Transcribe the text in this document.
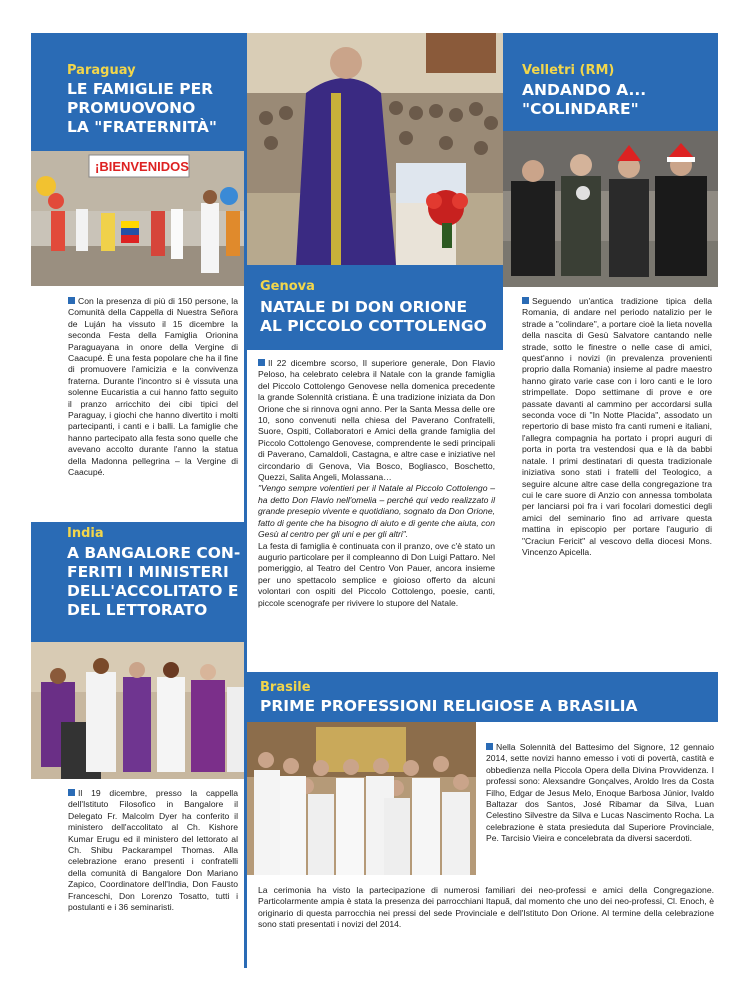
Paraguay
LE FAMIGLIE PER
PROMUOVONO
LA "FRATERNITÀ"
¡BIENVENIDOS

Con la presenza di più di 150 persone, la Comunità della Cappella di Nuestra Señora de Luján ha vissuto il 15 dicembre la seconda Festa della Famiglia Orionina Paraguayana in onore della Vergine di Caacupé. È una festa popolare che ha il fine di promuovere l'amicizia e la convivenza fraterna. Durante l'incontro si è vissuta una solenne Eucaristia a cui hanno fatto seguito il pranzo arricchito dei cibi tipici del Paraguay, i giochi che hanno divertito i molti partecipanti, i canti e i balli. La famiglie che hanno partecipato alla festa sono quelle che avevano accolto durante l'anno la statua della Madonna pellegrina – la Vergine di Caacupé.

India
A BANGALORE CON-
FERITI I MINISTERI
DELL'ACCOLITATO E
DEL LETTORATO

Il 19 dicembre, presso la cappella dell'Istituto Filosofico in Bangalore il Delegato Fr. Malcolm Dyer ha conferito il ministero dell'accolitato al Ch. Kishore Kumar Erugu ed il ministero del lettorato al Ch. Shibu Packarampel Thomas. Alla celebrazione erano presenti i confratelli della comunità di Bangalore Don Mariano Zapico, Coordinatore dell'India, Don Fausto Franceschi, Don Lorenzo Tosatto, tutti i postulanti e i 36 seminaristi.

Genova
NATALE DI DON ORIONE
AL PICCOLO COTTOLENGO

Il 22 dicembre scorso, Il superiore generale, Don Flavio Peloso, ha celebrato celebra il Natale con la grande famiglia del Piccolo Cottolengo Genovese nella domenica precedente la grande Solennità cristiana. È una tradizione iniziata da Don Orione che si rinnova ogni anno. Per la Santa Messa delle ore 10, sono convenuti nella chiesa del Paverano Confratelli, Suore, Ospiti, Collaboratori e Amici della grande famiglia del Piccolo Cottolengo Genovese, comprendente le sedi principali di Paverano, Camaldoli, Castagna, e altre case e iniziative nel circondario di Genova, Via Bosco, Bogliasco, Boschetto, Quezzi, Salita Angeli, Molassana…

"Vengo sempre volentieri per il Natale al Piccolo Cottolengo – ha detto Don Flavio nell'omelia – perché qui vedo realizzato il grande presepio vivente e quotidiano, sognato da Don Orione, fatto di gente che ha bisogno di aiuto e di gente che aiuta, con Gesù al centro per gli uni e per gli altri".

La festa di famiglia è continuata con il pranzo, ove c'è stato un augurio particolare per il compleanno di Don Luigi Pattaro. Nel pomeriggio, al Teatro del Centro Von Pauer, ancora insieme per uno spettacolo semplice e gioioso offerto da alcuni volontari con ospiti del Piccolo Cottolengo, poesie, canti, piccole scenografe per rivivere lo stupore del Natale.

Velletri (RM)
ANDANDO A...
"COLINDARE"

Seguendo un'antica tradizione tipica della Romania, di andare nel periodo natalizio per le strade a "colindare", a portare cioè la lieta novella della nascita di Gesù Salvatore cantando nelle strade, sotto le finestre o nelle case di amici, quest'anno i novizi (in prevalenza provenienti proprio dalla Romania) insieme al padre maestro hanno girato varie case con i loro canti e le loro strimpellate. Dopo settimane di prove e ore passate davanti al cammino per accordarsi sulla seconda voce di "In Notte Placida", assodato un repertorio di base misto fra canti rumeni e italiani, l'allegra compagnia ha portato i propri auguri di porta in porta tra vestendosi qua e là da babbi natale. I primi destinatari di questa tradizionale iniziativa sono stati i fratelli del Teologico, a seguire alcune altre case della congregazione tra cui le care suore di Anzio con annessa tombolata per lanciarsi poi fra i vari focolari domestici degli amici del seminario fino ad arrivare questa mattina in episcopio per portare l'augurio di "Craciun Fericit" al vescovo della diocesi Mons. Vincenzo Apicella.

Brasile
PRIME PROFESSIONI RELIGIOSE A BRASILIA

Nella Solennità del Battesimo del Signore, 12 gennaio 2014, sette novizi hanno emesso i voti di povertà, castità e obbedienza nella Piccola Opera della Divina Provvidenza. I professi sono: Alexsandre Gonçalves, Aroldo Ires da Costa Filho, Edgar de Jesus Melo, Enoque Barbosa Júnior, Ivaldo Baltazar dos Santos, José Ribamar da Silva, Luan Celestino Silvestre da Silva e Lucas Nascimento Rocha. La celebrazione è stata presieduta dal Superiore Provinciale, Pe. Tarcisio Vieira e concelebrata da diversi sacerdoti.

La cerimonia ha visto la partecipazione di numerosi familiari dei neo-professi e amici della Congregazione. Particolarmente ampia è stata la presenza dei parrocchiani Itapuã, dal momento che uno dei neo-professi, Cl. Enoch, è originario di questa parrocchia nei pressi del sede Provinciale e dell'Istituto Don Orione. Al termine della celebrazione sono stati presentati i novizi del 2014.
